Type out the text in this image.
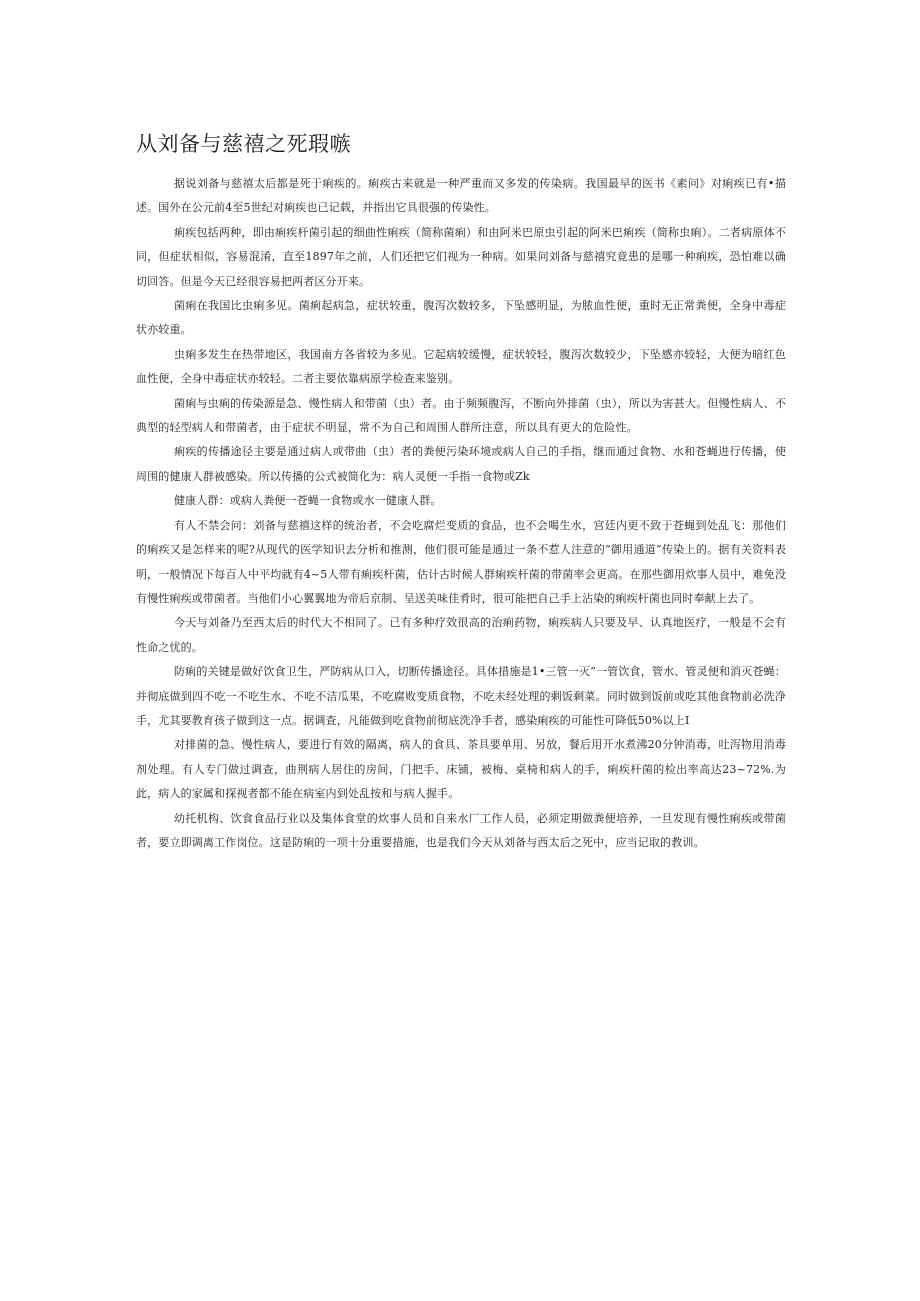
从刘备与慈禧之死瑕嗾

据说刘备与慈禧太后都是死于痢疾的。痢疾古来就是一种严重而又多发的传染病。我国最早的医书《素问》对痢疾已有•描述。国外在公元前4至5世纪对痢疾也已记载，并指出它具很强的传染性。

痢疾包括两种，即由痢疾杆菌引起的细曲性痢疾（简称菌痢）和由阿米巴原虫引起的阿米巴痢疾（简称虫痢）。二者病原体不同，但症状相似，容易混淆，直至1897年之前，人们还把它们视为一种病。如果问刘备与慈禧究竟患的是哪一种痢疾，恐怕难以确切回答。但是今天已经很容易把两者区分开来。

菌痢在我国比虫痢多见。菌痢起病急，症状较重，腹泻次数较多，下坠感明显，为脓血性便，重时无正常粪便，全身中毒症状亦较重。

虫痢多发生在热带地区，我国南方各省较为多见。它起病较缓慢，症状较轻，腹泻次数较少，下坠感亦较轻，大便为暗红色血性便，全身中毒症状亦较轻。二者主要依靠病原学检查来鉴别。

菌痢与虫痢的传染源是急、慢性病人和带菌（虫）者。由于频频腹泻，不断向外排菌（虫），所以为害甚大。但慢性病人、不典型的轻型病人和带菌者，由于症状不明显，常不为自己和周围人群所注意，所以具有更大的危险性。

痢疾的传播途径主要是通过病人或带曲（虫）者的粪便污染环境或病人自己的手指，继而通过食物、水和苍蝇进行传播，使周围的健康人群被感染。所以传播的公式被简化为：病人灵便一手指一食物或Zk

健康人群：或病人粪便一苍蝇一食物或水一健康人群。

有人不禁会问：刘备与慈禧这样的统治者，不会吃腐烂变质的食品，也不会喝生水，宫廷内更不致于苍蝇到处乱飞：那他们的痢疾又是怎样来的呢?从现代的医学知识去分析和推测，他们很可能是通过一条不惹人注意的“御用通道”传染上的。据有关资料表明，一般情况下每百人中平均就有4~5人带有痢疾杆菌，估计古时候人群痢疾杆菌的带菌率会更高。在那些御用炊事人员中，难免没有慢性痢疾或带菌者。当他们小心翼翼地为帝后京制、呈送美味佳肴时，很可能把自己手上沾染的痢疾杆菌也同时奉献上去了。

今天与刘备乃至西太后的时代大不相同了。已有多种疗效很高的治痢药物，痢疾病人只要及早、认真地医疗，一般是不会有性命之忧的。

防痢的关键是做好饮食卫生，严防病从口入，切断传播途径。具体措施是1•三管一灭”一管饮食，管水、管灵便和消灭苍蝇：并彻底做到四不吃一不吃生水、不吃不洁瓜果，不吃腐败变质食物，不吃未经处理的剩饭剩菜。同时做到饭前或吃其他食物前必洗净手，尤其要教育孩子做到这一点。据调查，凡能做到吃食物前彻底洗净手者，感染痢疾的可能性可降低50%以上I

对排菌的急、慢性病人，要进行有效的隔离，病人的食具、茶具要单用、另放，餐后用开水煮沸20分钟消毒，吐泻物用消毒剂处理。有人专门做过调查，曲荆病人居住的房间，门把手、床铺，被梅、桌椅和病人的手，痢疾杆菌的检出率高达23~72%.为此，病人的家属和探视者都不能在病室内到处乱按和与病人握手。

幼托机构、饮食食品行业以及集体食堂的炊事人员和自来水厂工作人员，必须定期做粪便培养，一旦发现有慢性痢疾或带菌者，要立即调离工作岗位。这是防痢的一项十分重要措施，也是我们今天从刘备与西太后之死中，应当记取的教训。
